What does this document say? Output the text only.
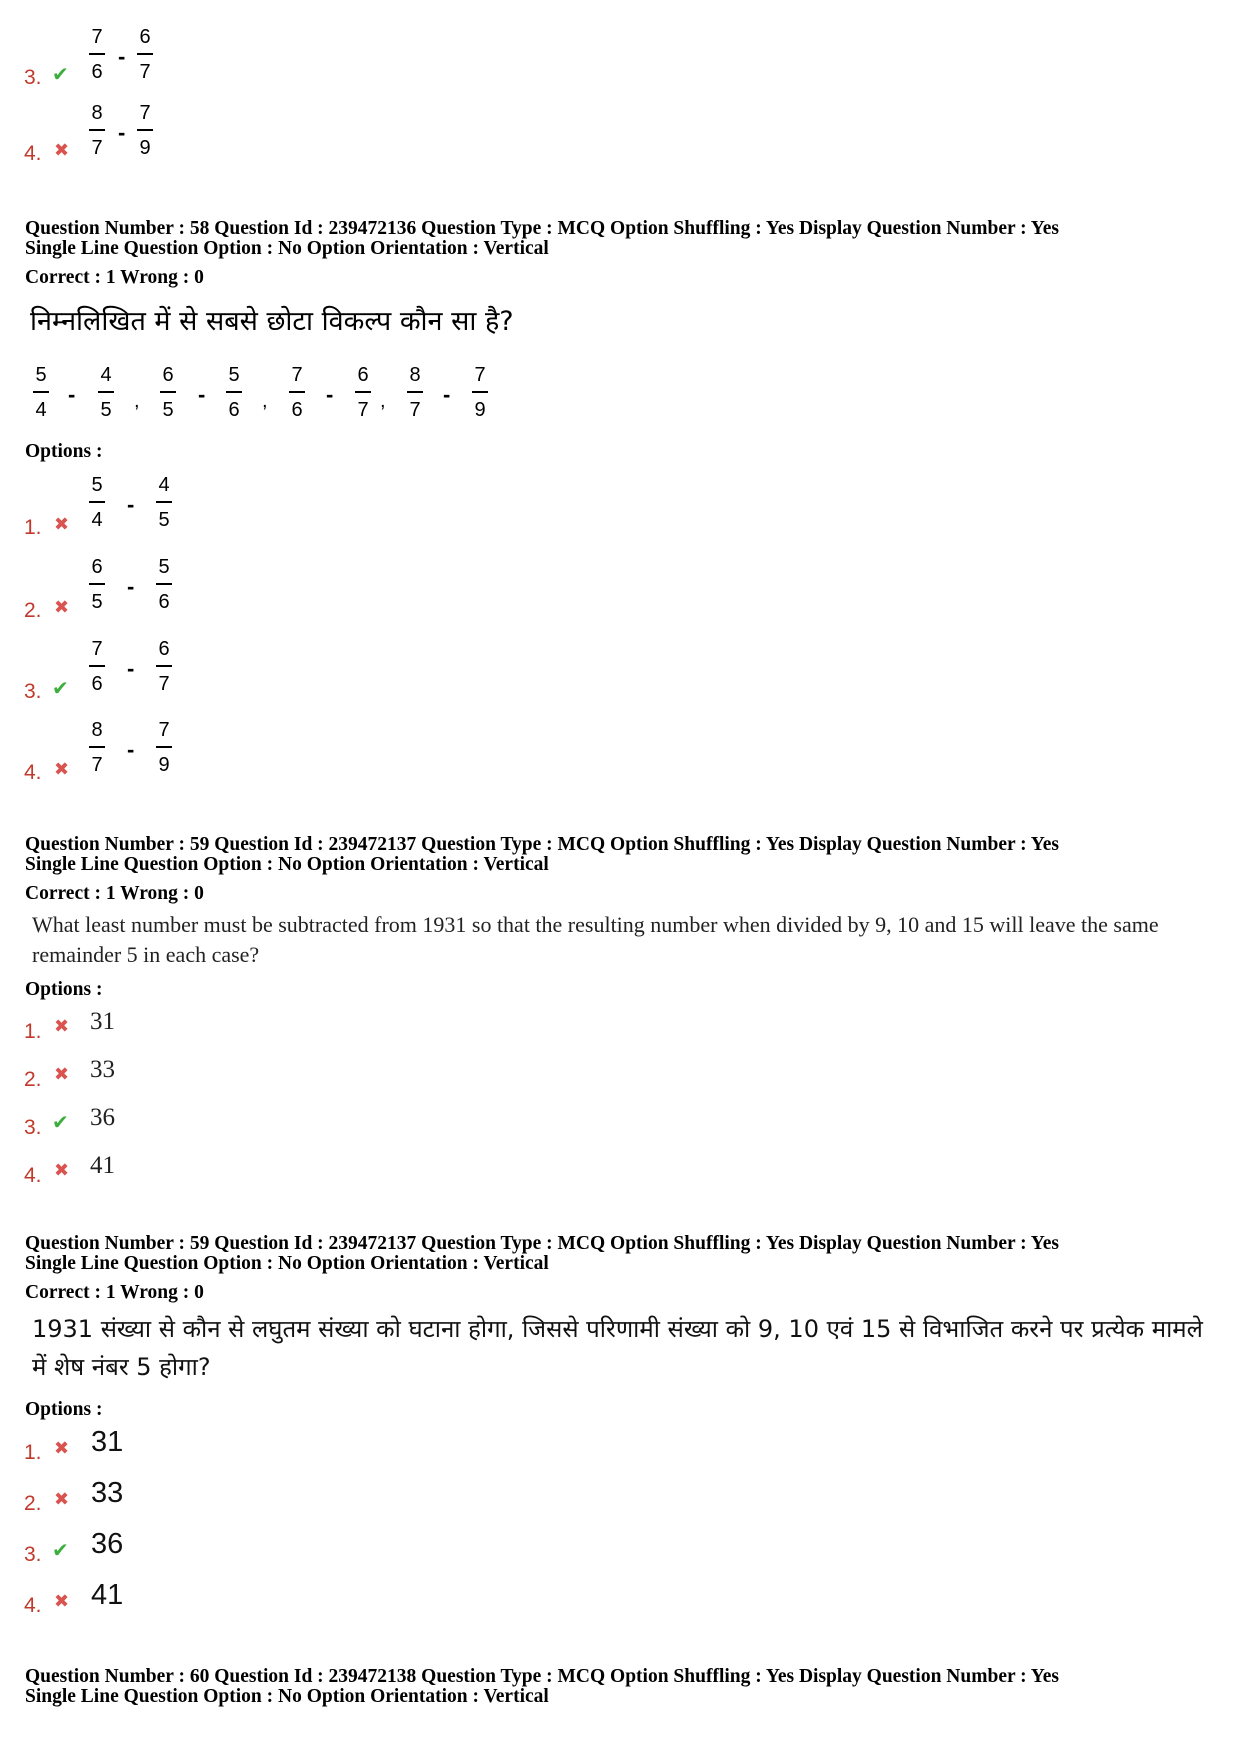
3. ✔
7
6
-
6
7
4. ✖
8
7
-
7
9
Question Number : 58 Question Id : 239472136 Question Type : MCQ Option Shuffling : Yes Display Question Number : Yes
Single Line Question Option : No Option Orientation : Vertical
Correct : 1 Wrong : 0
निम्नलिखित में से सबसे छोटा विकल्प कौन सा है?
5
4
-
4
5 ,
6
5
-
5
6 ,
7
6
-
6
7 ,
8
7
-
7
9
Options :
1. ✖
5
4
-
4
5
2. ✖
6
5
-
5
6
3. ✔
7
6
-
6
7
4. ✖
8
7
-
7
9
Question Number : 59 Question Id : 239472137 Question Type : MCQ Option Shuffling : Yes Display Question Number : Yes
Single Line Question Option : No Option Orientation : Vertical
Correct : 1 Wrong : 0
What least number must be subtracted from 1931 so that the resulting number when divided by 9, 10 and 15 will leave the same remainder 5 in each case?
Options :
1. ✖ 31
2. ✖ 33
3. ✔ 36
4. ✖ 41
Question Number : 59 Question Id : 239472137 Question Type : MCQ Option Shuffling : Yes Display Question Number : Yes
Single Line Question Option : No Option Orientation : Vertical
Correct : 1 Wrong : 0
1931 संख्या से कौन से लघुतम संख्या को घटाना होगा, जिससे परिणामी संख्या को 9, 10 एवं 15 से विभाजित करने पर प्रत्येक मामले में शेष नंबर 5 होगा?
Options :
1. ✖ 31
2. ✖ 33
3. ✔ 36
4. ✖ 41
Question Number : 60 Question Id : 239472138 Question Type : MCQ Option Shuffling : Yes Display Question Number : Yes
Single Line Question Option : No Option Orientation : Vertical
